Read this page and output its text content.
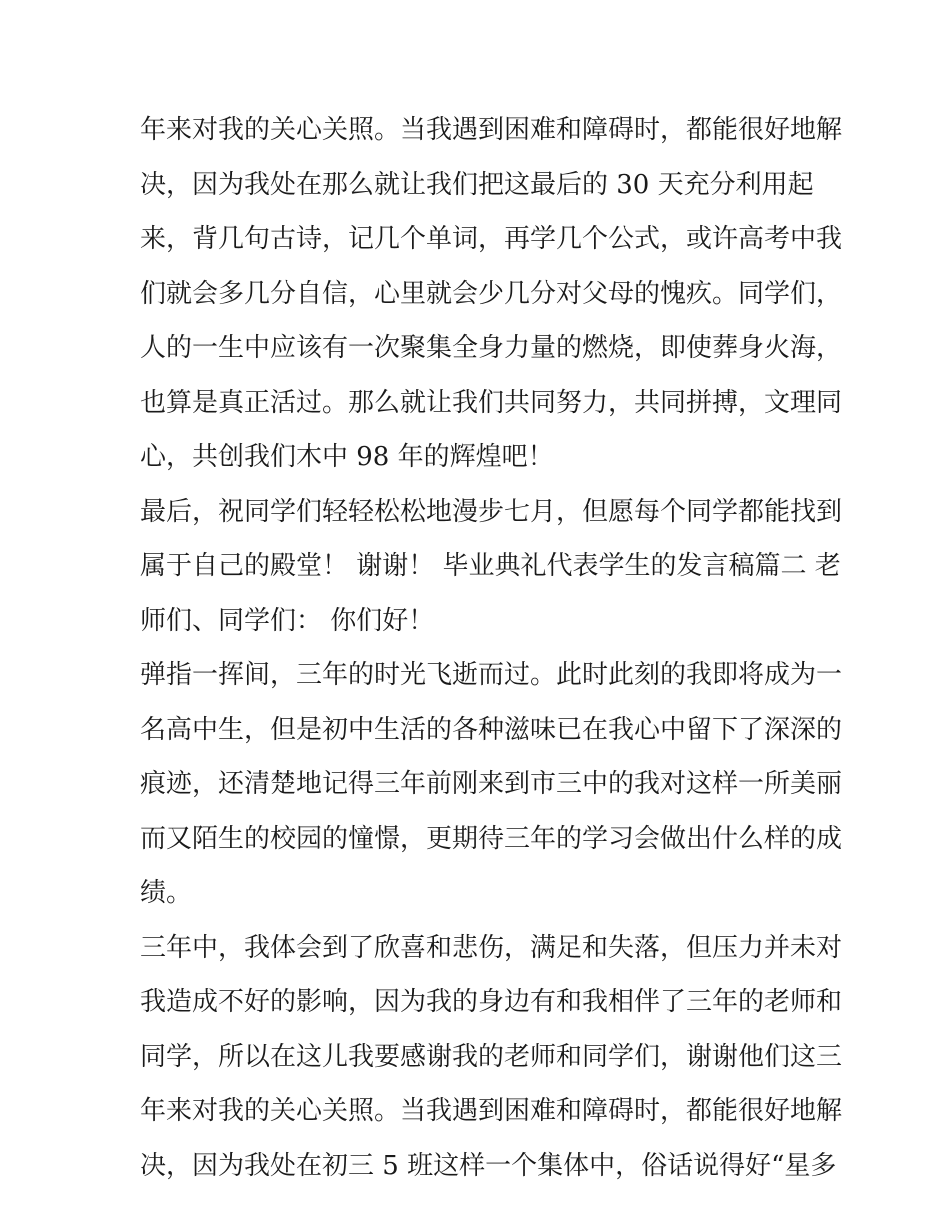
年来对我的关心关照。当我遇到困难和障碍时，都能很好地解
决，因为我处在那么就让我们把这最后的 30 天充分利用起
来，背几句古诗，记几个单词，再学几个公式，或许高考中我
们就会多几分自信，心里就会少几分对父母的愧疚。同学们，
人的一生中应该有一次聚集全身力量的燃烧，即使葬身火海，
也算是真正活过。那么就让我们共同努力，共同拼搏，文理同
心，共创我们木中 98 年的辉煌吧！
最后，祝同学们轻轻松松地漫步七月，但愿每个同学都能找到
属于自己的殿堂！ 谢谢！ 毕业典礼代表学生的发言稿篇二 老
师们、同学们： 你们好！
弹指一挥间，三年的时光飞逝而过。此时此刻的我即将成为一
名高中生，但是初中生活的各种滋味已在我心中留下了深深的
痕迹，还清楚地记得三年前刚来到市三中的我对这样一所美丽
而又陌生的校园的憧憬，更期待三年的学习会做出什么样的成
绩。
三年中，我体会到了欣喜和悲伤，满足和失落，但压力并未对
我造成不好的影响，因为我的身边有和我相伴了三年的老师和
同学，所以在这儿我要感谢我的老师和同学们，谢谢他们这三
年来对我的关心关照。当我遇到困难和障碍时，都能很好地解
决，因为我处在初三 5 班这样一个集体中，俗话说得好“星多
